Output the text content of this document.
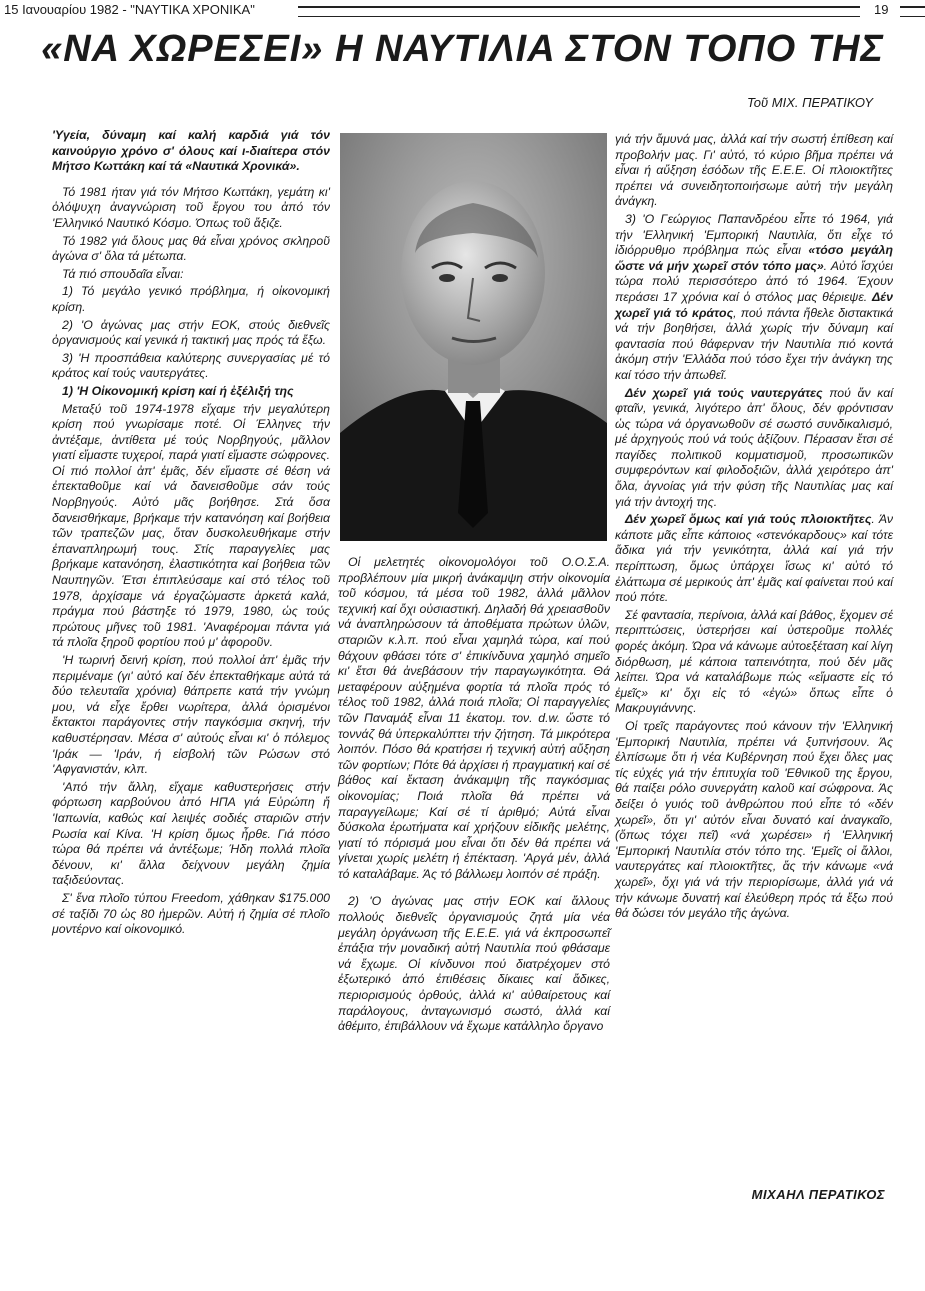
15 Ιανουαρίου 1982 - "ΝΑΥΤΙΚΑ ΧΡΟΝΙΚΑ"	19
«ΝΑ ΧΩΡΕΣΕΙ» Η ΝΑΥΤΙΛΙΑ ΣΤΟΝ ΤΟΠΟ ΤΗΣ
Τοῦ ΜΙΧ. ΠΕΡΑΤΙΚΟΥ

'Υγεία, δύναμη καί καλή καρδιά γιά τόν καινούργιο χρόνο σ' όλους καί ι-διαίτερα στόν Μήτσο Κωττάκη καί τά «Ναυτικά Χρονικά».

Τό 1981 ήταν γιά τόν Μήτσο Κωττάκη, γεμάτη κι' ὁλόψυχη ἀναγνώριση τοῦ ἔργου του ἀπό τόν 'Ελληνικό Ναυτικό Κόσμο. Όπως τοῦ ἄξιζε.

Τό 1982 γιά ὅλους μας θά εἶναι χρόνος σκληροῦ ἀγώνα σ' ὅλα τά μέτωπα.

Τά πιό σπουδαῖα εἶναι:

1) Τό μεγάλο γενικό πρόβλημα, ή οἰκονομική κρίση.

2) 'Ο ἀγώνας μας στήν ΕΟΚ, στούς διεθνεῖς ὀργανισμούς καί γενικά ή τακτική μας πρός τά ἔξω.

3) 'Η προσπάθεια καλύτερης συνεργασίας μέ τό κράτος καί τούς ναυτεργάτες.

1) 'Η Οἰκονομική κρίση καί ή ἐξέλιξή της

Μεταξύ τοῦ 1974-1978 εἴχαμε τήν μεγαλύτερη κρίση πού γνωρίσαμε ποτέ. Οἱ Έλληνες τήν ἀντέξαμε, ἀντίθετα μέ τούς Νορβηγούς, μᾶλλον γιατί εἴμαστε τυχεροί, παρά γιατί εἴμαστε σώφρονες. Οἱ πιό πολλοί ἀπ' ἐμᾶς, δέν εἴμαστε σέ θέση νά ἐπεκταθοῦμε καί νά δανεισθοῦμε σάν τούς Νορβηγούς. Αὐτό μᾶς βοήθησε. Στά ὅσα δανεισθήκαμε, βρήκαμε τήν κατανόηση καί βοήθεια τῶν τραπεζῶν μας, ὅταν δυσκολευθήκαμε στήν ἐπαναπληρωμή τους. Στίς παραγγελίες μας βρήκαμε κατανόηση, ἐλαστικότητα καί βοήθεια τῶν Ναυπηγῶν. Έτσι ἐπιπλεύσαμε καί στό τέλος τοῦ 1978, ἀρχίσαμε νά ἐργαζώμαστε ἀρκετά καλά, πράγμα πού βάστηξε τό 1979, 1980, ὡς τούς πρώτους μῆνες τοῦ 1981. 'Αναφέρομαι πάντα γιά τά πλοῖα ξηροῦ φορτίου πού μ' ἀφοροῦν.

'Η τωρινή δεινή κρίση, πού πολλοί ἀπ' ἐμᾶς τήν περιμέναμε (γι' αὐτό καί δέν ἐπεκταθήκαμε αὐτά τά δύο τελευταῖα χρόνια) θάπρεπε κατά τήν γνώμη μου, νά εἶχε ἔρθει νωρίτερα, ἀλλά ὁρισμένοι ἔκτακτοι παράγοντες στήν παγκόσμια σκηνή, τήν καθυστέρησαν. Μέσα σ' αὐτούς εἶναι κι' ὁ πόλεμος 'Ιράκ — 'Ιράν, ή εἰσβολή τῶν Ρώσων στό 'Αφγανιστάν, κλπ.

'Από τήν ἄλλη, εἴχαμε καθυστερήσεις στήν φόρτωση καρβούνου ἀπό ΗΠΑ γιά Εὐρώπη ἤ 'Ιαπωνία, καθώς καί λειψές σοδιές σταριῶν στήν Ρωσία καί Κίνα. 'Η κρίση ὅμως ἦρθε. Γιά πόσο τώρα θά πρέπει νά ἀντέξωμε; Ήδη πολλά πλοῖα δένουν, κι' ἄλλα δείχνουν μεγάλη ζημία ταξιδεύοντας.

Σ' ἕνα πλοῖο τύπου Freedom, χάθηκαν $175.000 σέ ταξίδι 70 ὡς 80 ἡμερῶν. Αὐτή ή ζημία σέ πλοῖο μοντέρνο καί οἰκονομικό.

Οἱ μελετητές οἰκονομολόγοι τοῦ Ο.Ο.Σ.Α. προβλέπουν μία μικρή ἀνάκαμψη στήν οἰκονομία τοῦ κόσμου, τά μέσα τοῦ 1982, ἀλλά μᾶλλον τεχνική καί ὄχι οὐσιαστική. Δηλαδή θά χρειασθοῦν νά ἀναπληρώσουν τά ἀποθέματα πρώτων ὑλῶν, σταριῶν κ.λ.π. πού εἶναι χαμηλά τώρα, καί πού θάχουν φθάσει τότε σ' ἐπικίνδυνα χαμηλό σημεῖο κι' ἔτσι θά ἀνεβάσουν τήν παραγωγικότητα. Θά μεταφέρουν αὐξημένα φορτία τά πλοῖα πρός τό τέλος τοῦ 1982, ἀλλά ποιά πλοῖα; Οἱ παραγγελίες τῶν Παναμάξ εἶναι 11 ἑκατομ. τον. d.w. ὥστε τό τοννάζ θά ὑπερκαλύπτει τήν ζήτηση. Τά μικρότερα λοιπόν. Πόσο θά κρατήσει ή τεχνική αὐτή αὔξηση τῶν φορτίων; Πότε θά ἀρχίσει ή πραγματική καί σέ βάθος καί ἔκταση ἀνάκαμψη τῆς παγκόσμιας οἰκονομίας; Ποιά πλοῖα θά πρέπει νά παραγγείλωμε; Καί σέ τί ἀριθμό; Αὐτά εἶναι δύσκολα ἐρωτήματα καί χρήζουν εἰδικῆς μελέτης, γιατί τό πόρισμά μου εἶναι ὅτι δέν θά πρέπει νά γίνεται χωρίς μελέτη ή ἐπέκταση. 'Αργά μέν, ἀλλά τό καταλάβαμε. Άς τό βάλλωεμ λοιπόν σέ πράξη.

2) 'Ο ἀγώνας μας στήν ΕΟΚ καί ἄλλους πολλούς διεθνεῖς ὀργανισμούς ζητά μία νέα μεγάλη ὀργάνωση τῆς Ε.Ε.Ε. γιά νά ἐκπροσωπεῖ ἐπάξια τήν μοναδική αὐτή Ναυτιλία πού φθάσαμε νά ἔχωμε. Οἱ κίνδυνοι πού διατρέχομεν στό ἐξωτερικό ἀπό ἐπιθέσεις δίκαιες καί ἄδικες, περιορισμούς ὀρθούς, ἀλλά κι' αὐθαίρετους καί παράλογους, ἀνταγωνισμό σωστό, ἀλλά καί ἀθέμιτο, ἐπιβάλλουν νά ἔχωμε κατάλληλο ὄργανο

γιά τήν ἄμυνά μας, ἀλλά καί τήν σωστή ἐπίθεση καί προβολήν μας. Γι' αὐτό, τό κύριο βῆμα πρέπει νά εἶναι ή αὔξηση ἐσόδων τῆς Ε.Ε.Ε. Οἱ πλοιοκτῆτες πρέπει νά συνειδητοποιήσωμε αὐτή τήν μεγάλη ἀνάγκη.

3) 'Ο Γεώργιος Παπανδρέου εἶπε τό 1964, γιά τήν 'Ελληνική 'Εμπορική Ναυτιλία, ὅτι εἶχε τό ἰδιόρρυθμο πρόβλημα πώς εἶναι «τόσο μεγάλη ὥστε νά μήν χωρεῖ στόν τόπο μας». Αὐτό ἴσχύει τώρα πολύ περισσότερο ἀπό τό 1964. Έχουν περάσει 17 χρόνια καί ὁ στόλος μας θέριεψε. Δέν χωρεῖ γιά τό κράτος, πού πάντα ἤθελε διστακτικά νά τήν βοηθήσει, ἀλλά χωρίς τήν δύναμη καί φαντασία πού θάφερναν τήν Ναυτιλία πιό κοντά ἀκόμη στήν 'Ελλάδα πού τόσο ἔχει τήν ἀνάγκη της καί τόσο τήν ἀπωθεῖ.

Δέν χωρεῖ γιά τούς ναυτεργάτες πού ἄν καί φταῖν, γενικά, λιγότερο ἀπ' ὅλους, δέν φρόντισαν ὡς τώρα νά ὀργανωθοῦν σέ σωστό συνδικαλισμό, μέ ἀρχηγούς πού νά τούς ἀξίζουν. Πέρασαν ἔτσι σέ παγίδες πολιτικοῦ κομματισμοῦ, προσωπικῶν συμφερόντων καί φιλοδοξιῶν, ἀλλά χειρότερο ἀπ' ὅλα, ἀγνοίας γιά τήν φύση τῆς Ναυτιλίας μας καί γιά τήν ἀντοχή της.

Δέν χωρεῖ ὅμως καί γιά τούς πλοιοκτῆτες. Άν κάποτε μᾶς εἶπε κάποιος «στενόκαρδους» καί τότε ἄδικα γιά τήν γενικότητα, ἀλλά καί γιά τήν περίπτωση, ὅμως ὑπάρχει ἴσως κι' αὐτό τό ἐλάττωμα σέ μερικούς ἀπ' ἐμᾶς καί φαίνεται πού καί πού πότε.

Σέ φαντασία, περίνοια, ἀλλά καί βάθος, ἔχομεν σέ περιπτώσεις, ὑστερήσει καί ὑστεροῦμε πολλές φορές ἀκόμη. Ώρα νά κάνωμε αὐτοεξέταση καί λίγη διόρθωση, μέ κάποια ταπεινότητα, πού δέν μᾶς λείπει. Ώρα νά καταλάβωμε πώς «εἴμαστε εἰς τό ἐμεῖς» κι' ὄχι εἰς τό «ἐγώ» ὅπως εἶπε ὁ Μακρυγιάννης.

Οἱ τρεῖς παράγοντες πού κάνουν τήν 'Ελληνική 'Εμπορική Ναυτιλία, πρέπει νά ξυπνήσουν. Άς ἐλπίσωμε ὅτι ή νέα Κυβέρνηση πού ἔχει ὅλες μας τίς εὐχές γιά τήν ἐπιτυχία τοῦ 'Εθνικοῦ της ἔργου, θά παίξει ρόλο συνεργάτη καλοῦ καί σώφρονα. Άς δείξει ὁ γυιός τοῦ ἀνθρώπου πού εἶπε τό «δέν χωρεῖ», ὅτι γι' αὐτόν εἶναι δυνατό καί ἀναγκαῖο, (ὅπως τόχει πεῖ) «νά χωρέσει» ή 'Ελληνική 'Εμπορική Ναυτιλία στόν τόπο της. 'Εμεῖς οἱ ἄλλοι, ναυτεργάτες καί πλοιοκτῆτες, ἄς τήν κάνωμε «νά χωρεῖ», ὄχι γιά νά τήν περιορίσωμε, ἀλλά γιά νά τήν κάνωμε δυνατή καί ἐλεύθερη πρός τά ἔξω πού θά δώσει τόν μεγάλο τῆς ἀγώνα.

ΜΙΧΑΗΛ ΠΕΡΑΤΙΚΟΣ
